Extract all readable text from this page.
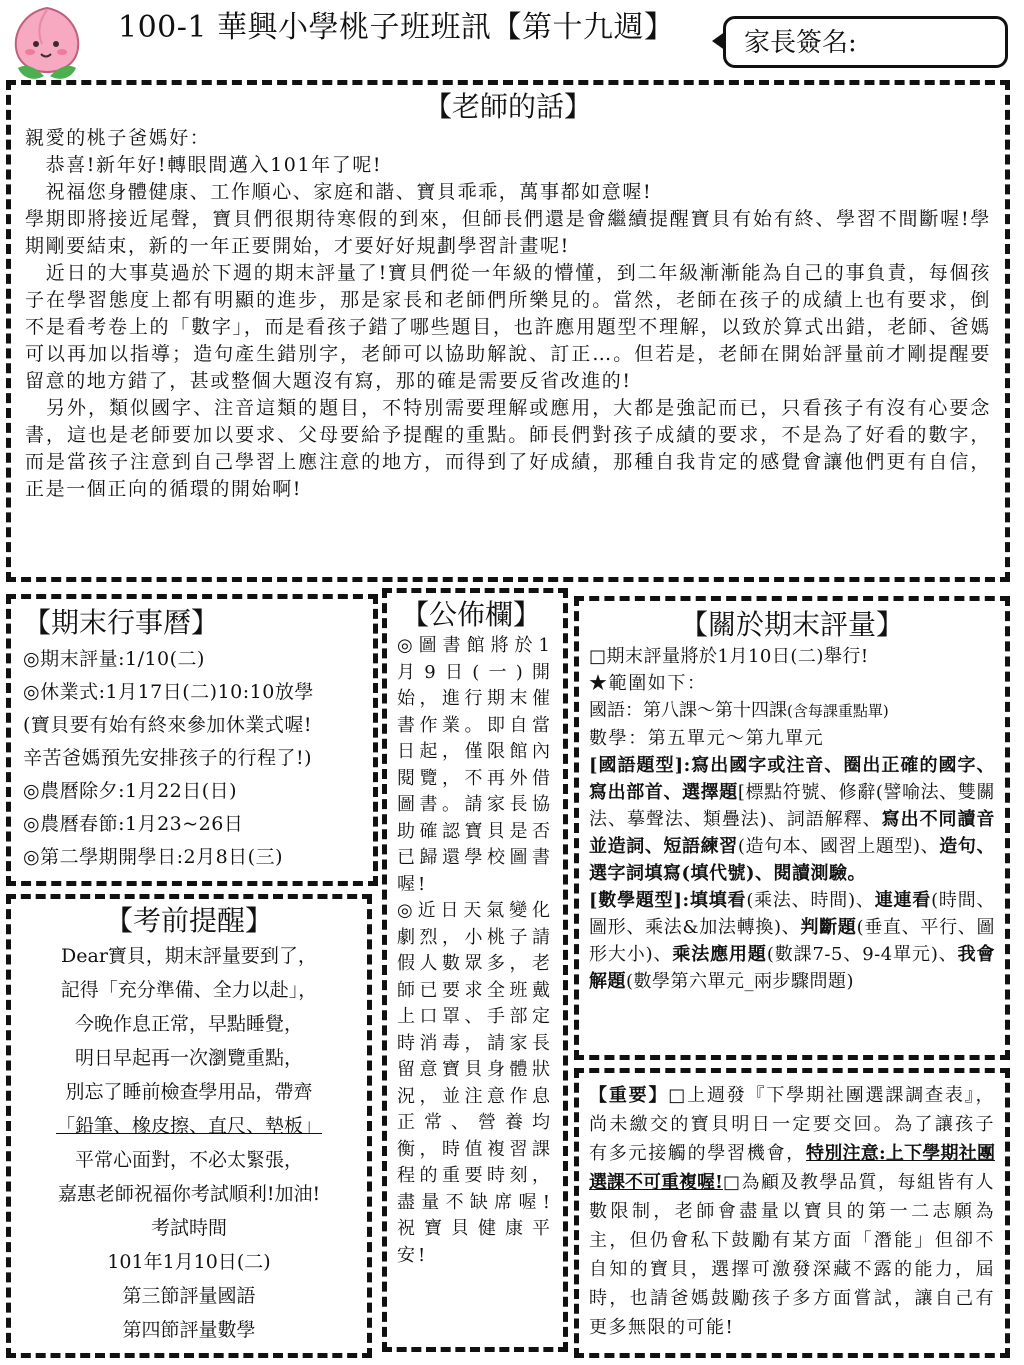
100-1 華興小學桃子班班訊【第十九週】	家長簽名:
【老師的話】

親愛的桃子爸媽好：

　恭喜!新年好!轉眼間邁入101年了呢!

　祝福您身體健康、工作順心、家庭和諧、寶貝乖乖，萬事都如意喔!

學期即將接近尾聲，寶貝們很期待寒假的到來，但師長們還是會繼續提醒寶貝有始有終、學習不間斷喔!學期剛要結束，新的一年正要開始，才要好好規劃學習計畫呢!

　近日的大事莫過於下週的期末評量了!寶貝們從一年級的懵懂，到二年級漸漸能為自己的事負責，每個孩子在學習態度上都有明顯的進步，那是家長和老師們所樂見的。當然，老師在孩子的成績上也有要求，倒不是看考卷上的「數字」，而是看孩子錯了哪些題目，也許應用題型不理解，以致於算式出錯，老師、爸媽可以再加以指導；造句產生錯別字，老師可以協助解說、訂正…。但若是，老師在開始評量前才剛提醒要留意的地方錯了，甚或整個大題沒有寫，那的確是需要反省改進的!

　另外，類似國字、注音這類的題目，不特別需要理解或應用，大都是強記而已，只看孩子有沒有心要念書，這也是老師要加以要求、父母要給予提醒的重點。師長們對孩子成績的要求，不是為了好看的數字，而是當孩子注意到自己學習上應注意的地方，而得到了好成績，那種自我肯定的感覺會讓他們更有自信，正是一個正向的循環的開始啊!

【期末行事曆】

◎期末評量:1/10(二)

◎休業式:1月17日(二)10:10放學

(寶貝要有始有終來參加休業式喔!

辛苦爸媽預先安排孩子的行程了!)

◎農曆除夕:1月22日(日)

◎農曆春節:1月23~26日

◎第二學期開學日:2月8日(三)

【考前提醒】

Dear寶貝，期末評量要到了，

記得「充分準備、全力以赴」，

今晚作息正常，早點睡覺，

明日早起再一次瀏覽重點，

別忘了睡前檢查學用品，帶齊

「鉛筆、橡皮擦、直尺、墊板」

平常心面對，不必太緊張，

嘉惠老師祝福你考試順利!加油!

考試時間

101年1月10日(二)

第三節評量國語

第四節評量數學

【公佈欄】

◎圖書館將於1月9日(一)開始，進行期末催書作業。即自當日起，僅限館內閱覽，不再外借圖書。請家長協助確認寶貝是否已歸還學校圖書喔!

◎近日天氣變化劇烈，小桃子請假人數眾多，老師已要求全班戴上口罩、手部定時消毒，請家長留意寶貝身體狀況，並注意作息正常、營養均衡，時值複習課程的重要時刻，盡量不缺席喔!祝寶貝健康平安!

【關於期末評量】

□期末評量將於1月10日(二)舉行!

★範圍如下：

國語：第八課～第十四課(含每課重點單)

數學：第五單元～第九單元

[國語題型]:寫出國字或注音、圈出正確的國字、寫出部首、選擇題[標點符號、修辭(譬喻法、雙關法、摹聲法、類疊法)、詞語解釋、寫出不同讀音並造詞、短語練習(造句本、國習上題型)、造句、選字詞填寫(填代號)、閱讀測驗。

[數學題型]:填填看(乘法、時間)、連連看(時間、圖形、乘法&加法轉換)、判斷題(垂直、平行、圖形大小)、乘法應用題(數課7-5、9-4單元)、我會解題(數學第六單元_兩步驟問題)

【重要】□上週發『下學期社團選課調查表』，尚未繳交的寶貝明日一定要交回。為了讓孩子有多元接觸的學習機會，特別注意:上下學期社團選課不可重複喔!□為顧及教學品質，每組皆有人數限制，老師會盡量以寶貝的第一二志願為主，但仍會私下鼓勵有某方面「潛能」但卻不自知的寶貝，選擇可激發深藏不露的能力，屆時，也請爸媽鼓勵孩子多方面嘗試，讓自己有更多無限的可能!
